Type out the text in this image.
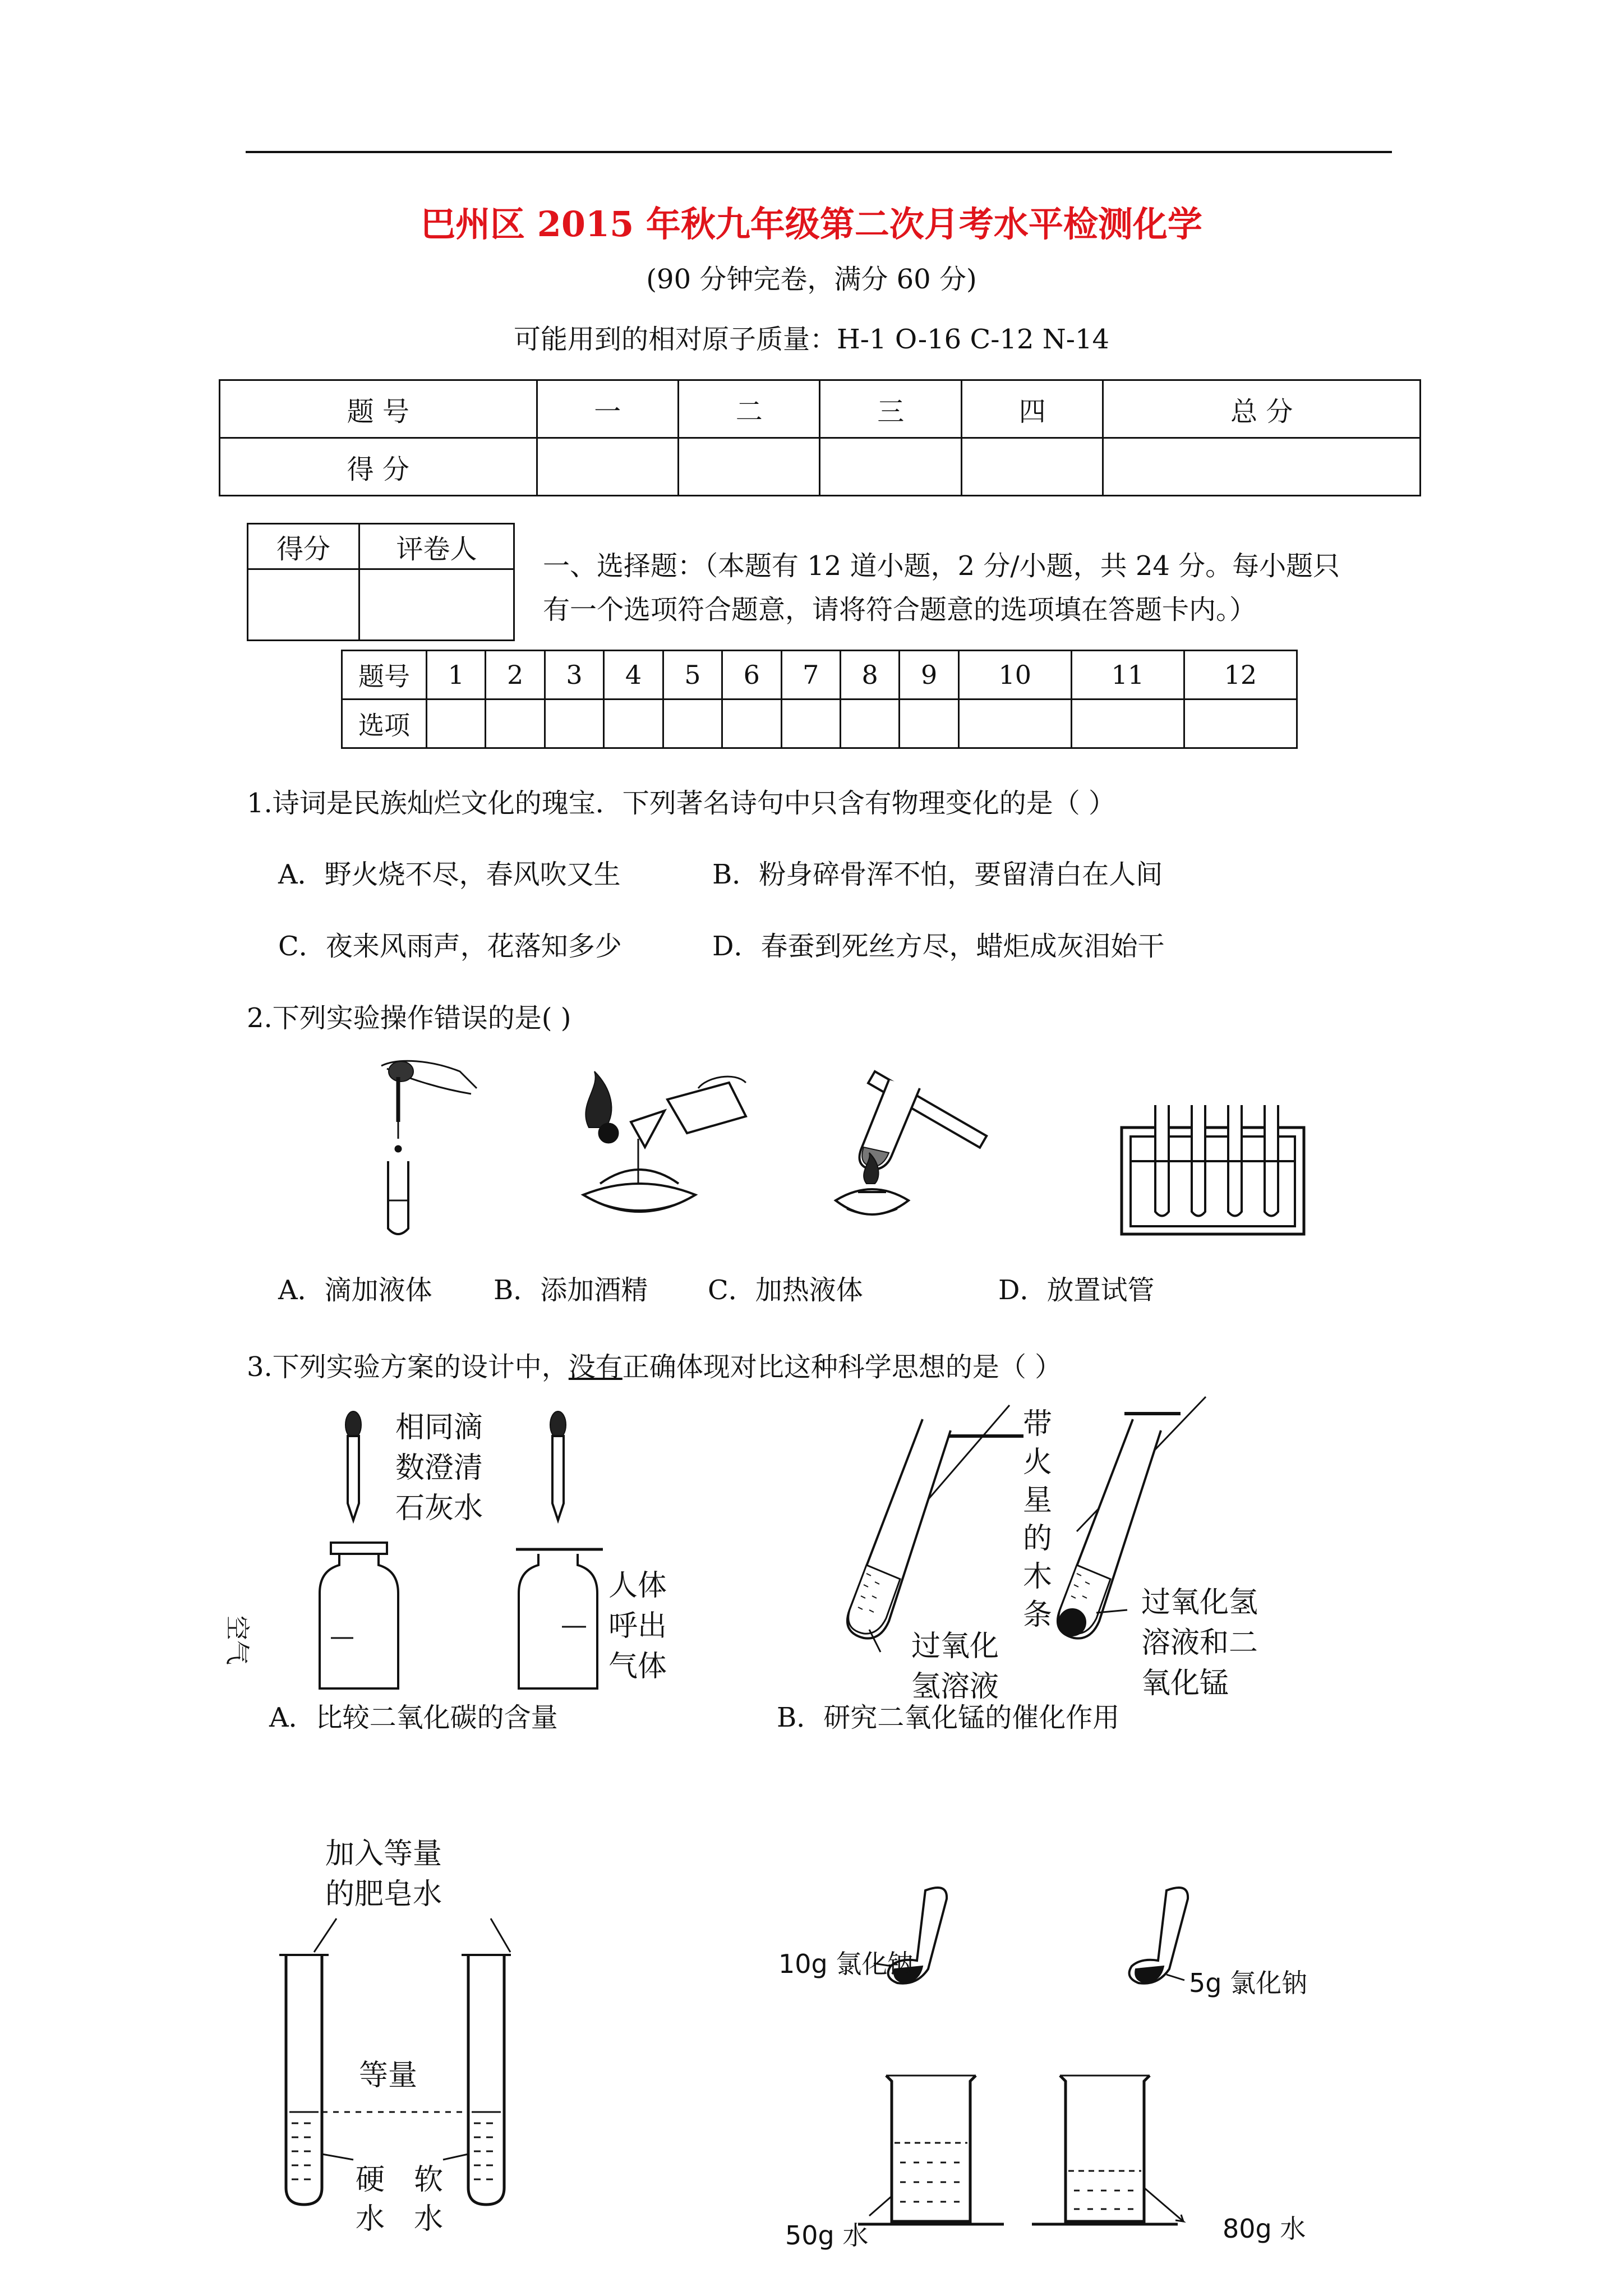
巴州区 2015 年秋九年级第二次月考水平检测化学
(90 分钟完卷，满分 60 分)
可能用到的相对原子质量：H-1 O-16 C-12 N-14
题 号	一	二	三	四	总 分
得 分					
得分	评卷人

一、选择题：（本题有 12 道小题，2 分/小题，共 24 分。每小题只
有一个选项符合题意，请将符合题意的选项填在答题卡内。）
题号	1	2	3	4	5	6	7	8	9	10	11	12
选项												
1.诗词是民族灿烂文化的瑰宝．下列著名诗句中只含有物理变化的是（ ）
A．野火烧不尽，春风吹又生	B．粉身碎骨浑不怕，要留清白在人间
C．夜来风雨声，花落知多少	D．春蚕到死丝方尽，蜡炬成灰泪始干
2.下列实验操作错误的是( )
A．滴加液体 B．添加酒精 C．加热液体	D．放置试管
3.下列实验方案的设计中，没有正确体现对比这种科学思想的是（ ）
相同滴
数澄清
石灰水
空气
人体
呼出
气体
A．比较二氧化碳的含量
带
火
星
的
木
条
过氧化
氢溶液
过氧化氢
溶液和二
氧化锰
B．研究二氧化锰的催化作用
加入等量
的肥皂水
等量
硬
水
软
水
10g 氯化钠
5g 氯化钠
50g 水	80g 水
